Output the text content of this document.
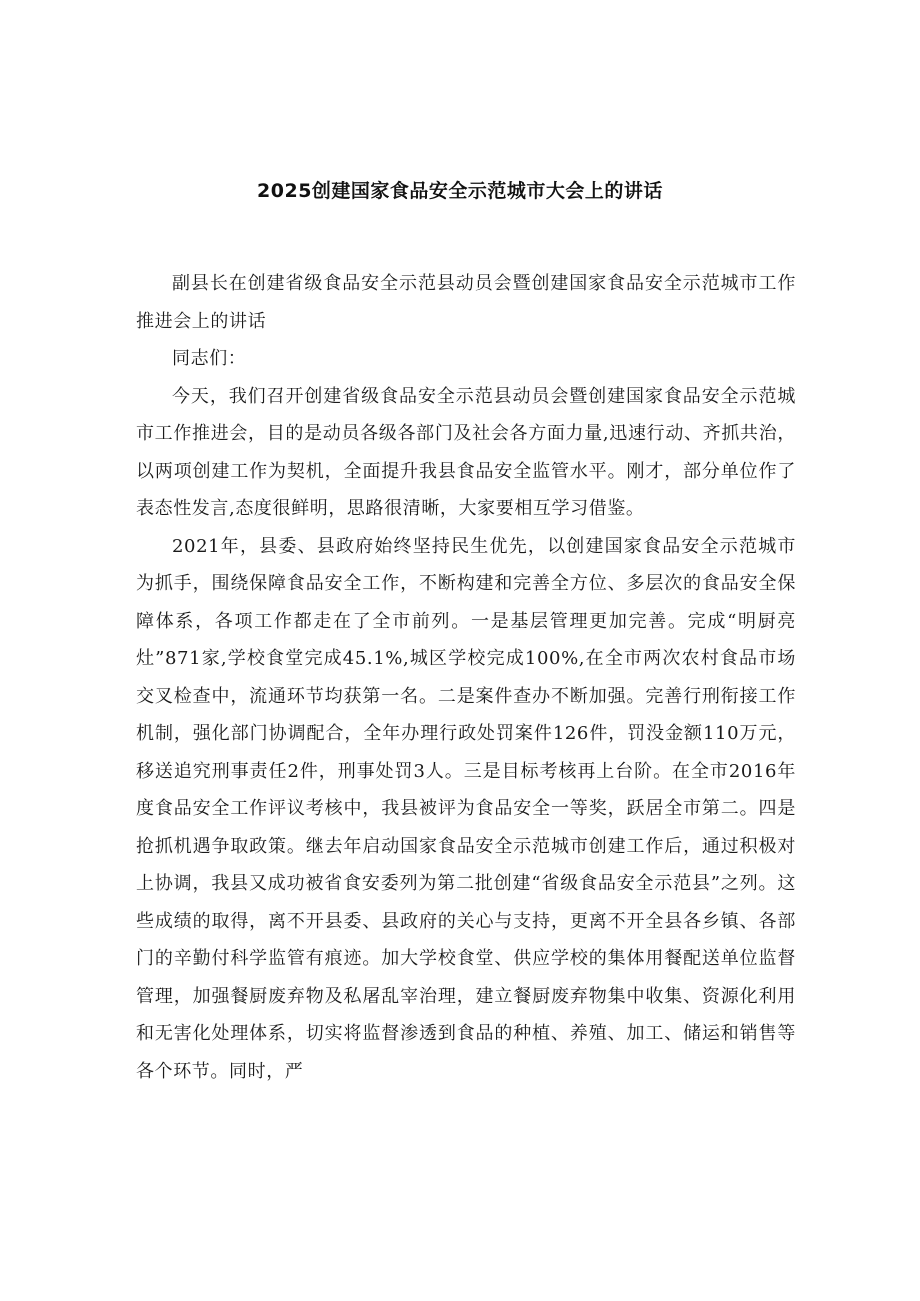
2025创建国家食品安全示范城市大会上的讲话

副县长在创建省级食品安全示范县动员会暨创建国家食品安全示范城市工作推进会上的讲话

同志们：

今天，我们召开创建省级食品安全示范县动员会暨创建国家食品安全示范城市工作推进会，目的是动员各级各部门及社会各方面力量,迅速行动、齐抓共治，以两项创建工作为契机，全面提升我县食品安全监管水平。刚才，部分单位作了表态性发言,态度很鲜明，思路很清晰，大家要相互学习借鉴。

2021年，县委、县政府始终坚持民生优先，以创建国家食品安全示范城市为抓手，围绕保障食品安全工作，不断构建和完善全方位、多层次的食品安全保障体系，各项工作都走在了全市前列。一是基层管理更加完善。完成“明厨亮灶”871家,学校食堂完成45.1%,城区学校完成100%,在全市两次农村食品市场交叉检查中，流通环节均获第一名。二是案件查办不断加强。完善行刑衔接工作机制，强化部门协调配合，全年办理行政处罚案件126件，罚没金额110万元，移送追究刑事责任2件，刑事处罚3人。三是目标考核再上台阶。在全市2016年度食品安全工作评议考核中，我县被评为食品安全一等奖，跃居全市第二。四是抢抓机遇争取政策。继去年启动国家食品安全示范城市创建工作后，通过积极对上协调，我县又成功被省食安委列为第二批创建“省级食品安全示范县”之列。这些成绩的取得，离不开县委、县政府的关心与支持，更离不开全县各乡镇、各部门的辛勤付科学监管有痕迹。加大学校食堂、供应学校的集体用餐配送单位监督管理，加强餐厨废弃物及私屠乱宰治理，建立餐厨废弃物集中收集、资源化利用和无害化处理体系，切实将监督渗透到食品的种植、养殖、加工、储运和销售等各个环节。同时，严
